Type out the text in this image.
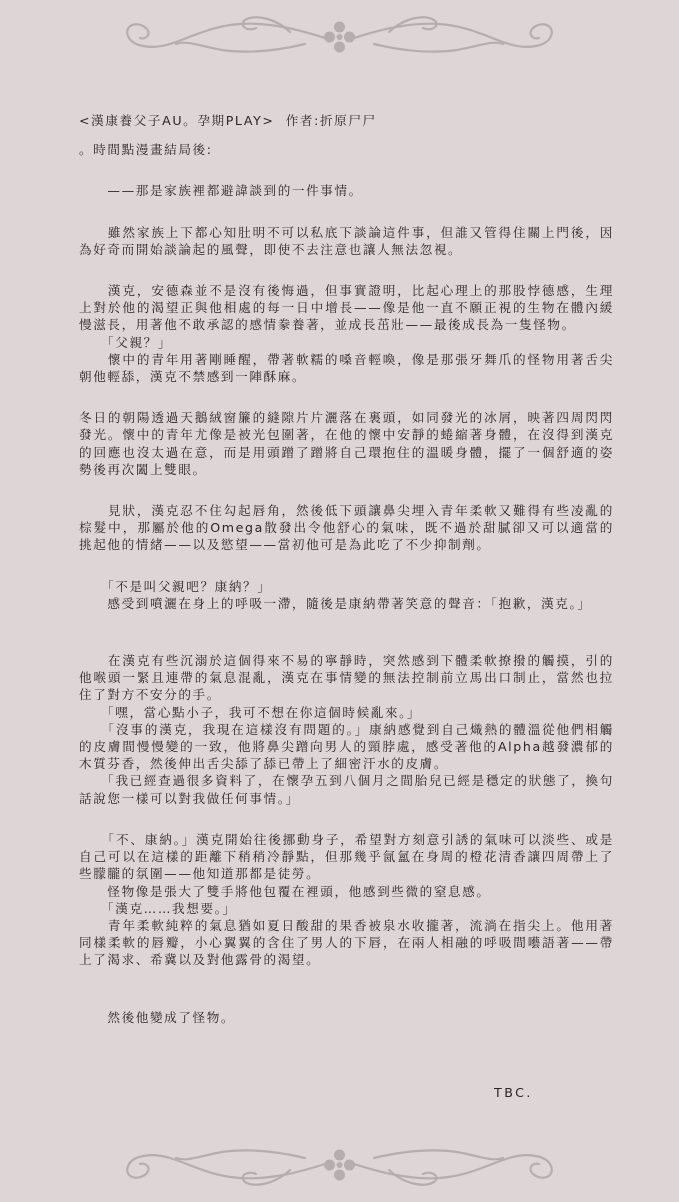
<漢康養父子AU。孕期PLAY>  作者:折原尸尸

。時間點漫畫結局後:

　　——那是家族裡都避諱談到的一件事情。

　　雖然家族上下都心知肚明不可以私底下談論這件事，但誰又管得住關上門後，因為好奇而開始談論起的風聲，即使不去注意也讓人無法忽視。

　　漢克，安德森並不是沒有後悔過，但事實證明，比起心理上的那股悖德感，生理上對於他的渴望正與他相處的每一日中增長——像是他一直不願正視的生物在體內緩慢滋長，用著他不敢承認的感情豢養著，並成長茁壯——最後成長為一隻怪物。

　　「父親？」

　　懷中的青年用著剛睡醒，帶著軟糯的嗓音輕喚，像是那張牙舞爪的怪物用著舌尖朝他輕舔，漢克不禁感到一陣酥麻。

冬日的朝陽透過天鵝絨窗簾的縫隙片片灑落在裏頭，如同發光的冰屑，映著四周閃閃發光。懷中的青年尤像是被光包圍著，在他的懷中安靜的蜷縮著身體，在沒得到漢克的回應也沒太過在意，而是用頭蹭了蹭將自己環抱住的溫暖身體，擺了一個舒適的姿勢後再次闔上雙眼。

　　見狀，漢克忍不住勾起唇角，然後低下頭讓鼻尖埋入青年柔軟又難得有些凌亂的棕髮中，那屬於他的Omega散發出令他舒心的氣味，既不過於甜膩卻又可以適當的挑起他的情緒——以及慾望——當初他可是為此吃了不少抑制劑。

　　「不是叫父親吧？康納？」

　　感受到噴灑在身上的呼吸一滯，隨後是康納帶著笑意的聲音：「抱歉，漢克。」

　　在漢克有些沉溺於這個得來不易的寧靜時，突然感到下體柔軟撩撥的觸摸，引的他喉頭一緊且連帶的氣息混亂，漢克在事情變的無法控制前立馬出口制止，當然也拉住了對方不安分的手。

　　「嘿，當心點小子，我可不想在你這個時候亂來。」

　　「沒事的漢克，我現在這樣沒有問題的。」康納感覺到自己熾熱的體溫從他們相觸的皮膚間慢慢變的一致，他將鼻尖蹭向男人的頸脖處，感受著他的Alpha越發濃郁的木質芬香，然後伸出舌尖舔了舔已帶上了細密汗水的皮膚。

　　「我已經查過很多資料了，在懷孕五到八個月之間胎兒已經是穩定的狀態了，換句話說您一樣可以對我做任何事情。」

　　「不、康納。」漢克開始往後挪動身子，希望對方刻意引誘的氣味可以淡些、或是自己可以在這樣的距離下稍稍冷靜點，但那幾乎氤氳在身周的橙花清香讓四周帶上了些朦朧的氛圍——他知道那都是徒勞。

　　怪物像是張大了雙手將他包覆在裡頭，他感到些微的窒息感。

　　「漢克……我想要。」

　　青年柔軟純粹的氣息猶如夏日酸甜的果香被泉水收攏著，流淌在指尖上。他用著同樣柔軟的唇瓣，小心翼翼的含住了男人的下唇，在兩人相融的呼吸間囈語著——帶上了渴求、希冀以及對他露骨的渴望。

　　然後他變成了怪物。

TBC.
